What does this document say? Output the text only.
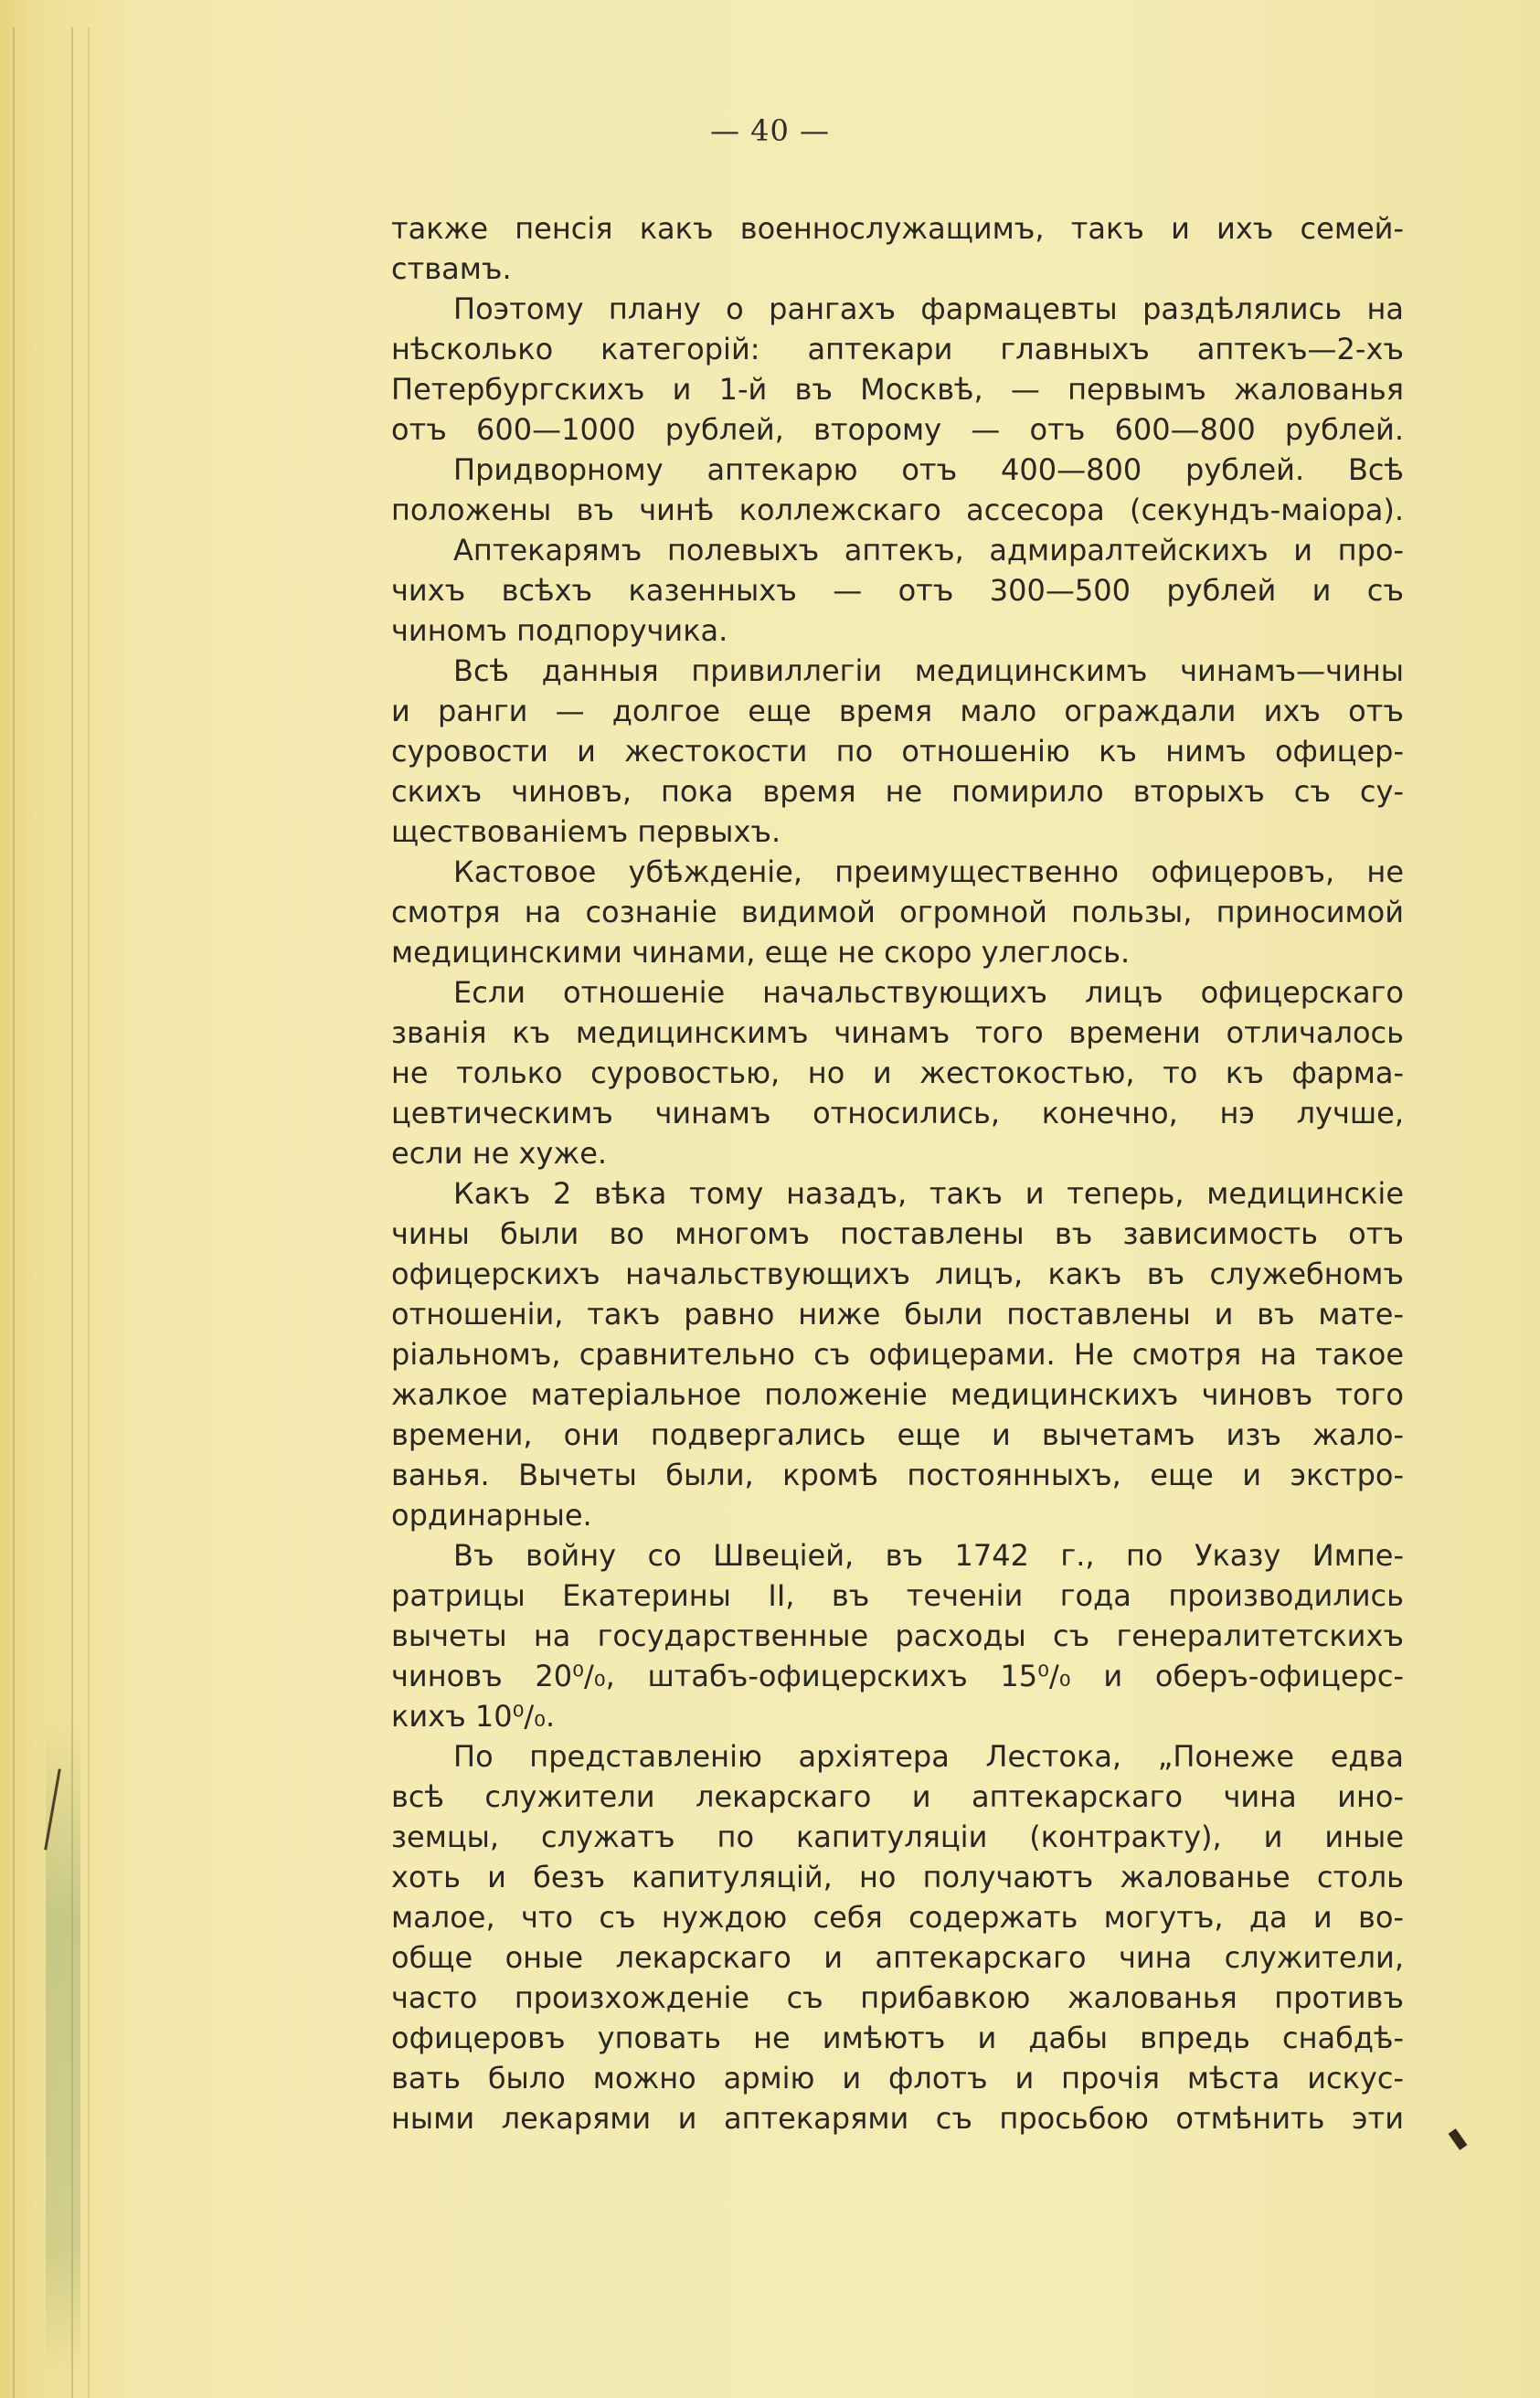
— 40 —

также пенсія какъ военнослужащимъ, такъ и ихъ семей-

ствамъ.

Поэтому плану о рангахъ фармацевты раздѣлялись на

нѣсколько категорій: аптекари главныхъ аптекъ—2-хъ

Петербургскихъ и 1-й въ Москвѣ, — первымъ жалованья

отъ 600—1000 рублей, второму — отъ 600—800 рублей.

Придворному аптекарю отъ 400—800 рублей. Всѣ

положены въ чинѣ коллежскаго ассесора (секундъ-маіора).

Аптекарямъ полевыхъ аптекъ, адмиралтейскихъ и про-

чихъ всѣхъ казенныхъ — отъ 300—500 рублей и съ

чиномъ подпоручика.

Всѣ данныя привиллегіи медицинскимъ чинамъ—чины

и ранги — долгое еще время мало ограждали ихъ отъ

суровости и жестокости по отношенію къ нимъ офицер-

скихъ чиновъ, пока время не помирило вторыхъ съ су-

ществованіемъ первыхъ.

Кастовое убѣжденіе, преимущественно офицеровъ, не

смотря на сознаніе видимой огромной пользы, приносимой

медицинскими чинами, еще не скоро улеглось.

Если отношеніе начальствующихъ лицъ офицерскаго

званія къ медицинскимъ чинамъ того времени отличалось

не только суровостью, но и жестокостью, то къ фарма-

цевтическимъ чинамъ относились, конечно, нэ лучше,

если не хуже.

Какъ 2 вѣка тому назадъ, такъ и теперь, медицинскіе

чины были во многомъ поставлены въ зависимость отъ

офицерскихъ начальствующихъ лицъ, какъ въ служебномъ

отношеніи, такъ равно ниже были поставлены и въ мате-

ріальномъ, сравнительно съ офицерами. Не смотря на такое

жалкое матеріальное положеніе медицинскихъ чиновъ того

времени, они подвергались еще и вычетамъ изъ жало-

ванья. Вычеты были, кромѣ постоянныхъ, еще и экстро-

ординарные.

Въ войну со Швеціей, въ 1742 г., по Указу Импе-

ратрицы Екатерины II, въ теченіи года производились

вычеты на государственные расходы съ генералитетскихъ

чиновъ 20⁰/₀, штабъ-офицерскихъ 15⁰/₀ и оберъ-офицерс-

кихъ 10⁰/₀.

По представленію архіятера Лестока, „Понеже едва

всѣ служители лекарскаго и аптекарскаго чина ино-

земцы, служатъ по капитуляціи (контракту), и иные

хоть и безъ капитуляцій, но получаютъ жалованье столь

малое, что съ нуждою себя содержать могутъ, да и во-

обще оные лекарскаго и аптекарскаго чина служители,

часто произхожденіе съ прибавкою жалованья противъ

офицеровъ уповать не имѣютъ и дабы впредь снабдѣ-

вать было можно армію и флотъ и прочія мѣста искус-

ными лекарями и аптекарями съ просьбою отмѣнить эти
